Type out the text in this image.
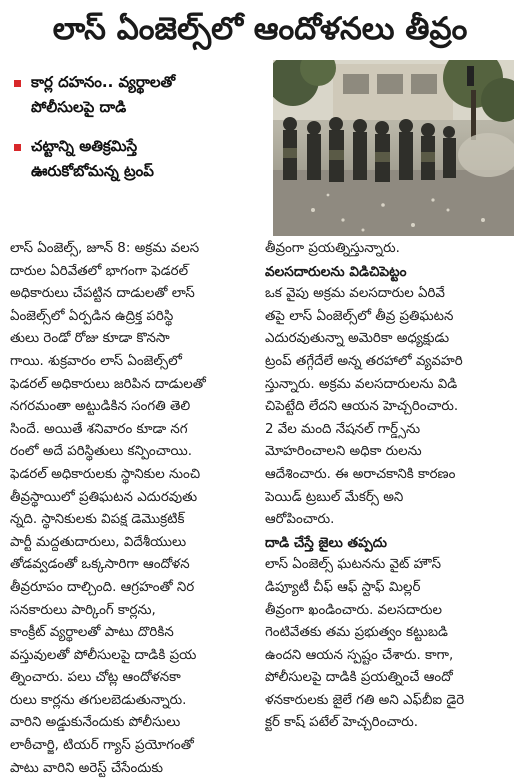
లాస్ ఏంజెల్స్‌లో ఆందోళనలు తీవ్రం
కార్ల దహనం.. వ్యర్థాలతో
పోలీసులపై దాడి
చట్టాన్ని అతిక్రమిస్తే
ఊరుకోబోమన్న ట్రంప్
లాస్ ఏంజెల్స్, జూన్ 8: అక్రమ వలస
దారుల ఏరివేతలో భాగంగా ఫెడరల్
అధికారులు చేపట్టిన దాడులతో లాస్
ఏంజెల్స్‌లో ఏర్పడిన ఉద్రిక్త పరిస్థి
తులు రెండో రోజు కూడా కొనసా
గాయి. శుక్రవారం లాస్ ఏంజెల్స్‌లో
ఫెడరల్ అధికారులు జరిపిన దాడులతో
నగరమంతా అట్టుడికిన సంగతి తెలి
సిందే. అయితే శనివారం కూడా నగ
రంలో అదే పరిస్థితులు కన్పించాయి.
ఫెడరల్ అధికారులకు స్థానికుల నుంచి
తీవ్రస్థాయిలో ప్రతిఘటన ఎదురవుతు
న్నది. స్థానికులకు విపక్ష డెమొక్రటిక్
పార్టీ మద్దతుదారులు, విదేశీయులు
తోడవ్వడంతో ఒక్కసారిగా ఆందోళన
తీవ్రరూపం దాల్చింది. ఆగ్రహంతో నిర
సనకారులు పార్కింగ్ కార్లను,
కాంక్రీట్ వ్యర్థాలతో పాటు దొరికిన
వస్తువులతో పోలీసులపై దాడికి ప్రయ
త్నించారు. పలు చోట్ల ఆందోళనకా
రులు కార్లను తగులబెడుతున్నారు.
వారిని అడ్డుకునేందుకు పోలీసులు
లాఠీచార్జి, టియర్ గ్యాస్ ప్రయోగంతో
పాటు వారిని అరెస్ట్ చేసేందుకు
తీవ్రంగా ప్రయత్నిస్తున్నారు.
వలసదారులను విడిచిపెట్టం
ఒక వైపు అక్రమ వలసదారుల ఏరివే
తపై లాస్ ఏంజెల్స్‌లో తీవ్ర ప్రతిఘటన
ఎదురవుతున్నా అమెరికా అధ్యక్షుడు
ట్రంప్ తగ్గేదేలే అన్న తరహాలో వ్యవహరి
స్తున్నారు. అక్రమ వలసదారులను విడి
చిపెట్టేది లేదని ఆయన హెచ్చరించారు.
2 వేల మంది నేషనల్ గార్డ్స్‌ను
మోహరించాలని అధికా రులను
ఆదేశించారు. ఈ అరాచకానికి కారణం
పెయిడ్ ట్రబుల్ మేకర్స్ అని
ఆరోపించారు.
దాడి చేస్తే జైలు తప్పదు
లాస్ ఏంజెల్స్ ఘటనను వైట్ హౌస్
డిప్యూటీ చీఫ్ ఆఫ్ స్టాఫ్ మిల్లర్
తీవ్రంగా ఖండించారు. వలసదారుల
గెంటివేతకు తమ ప్రభుత్వం కట్టుబడి
ఉందని ఆయన స్పష్టం చేశారు. కాగా,
పోలీసులపై దాడికి ప్రయత్నించే ఆందో
ళనకారులకు జైలే గతి అని ఎఫ్‌బీఐ డైరె
క్టర్ కాష్ పటేల్ హెచ్చరించారు.
